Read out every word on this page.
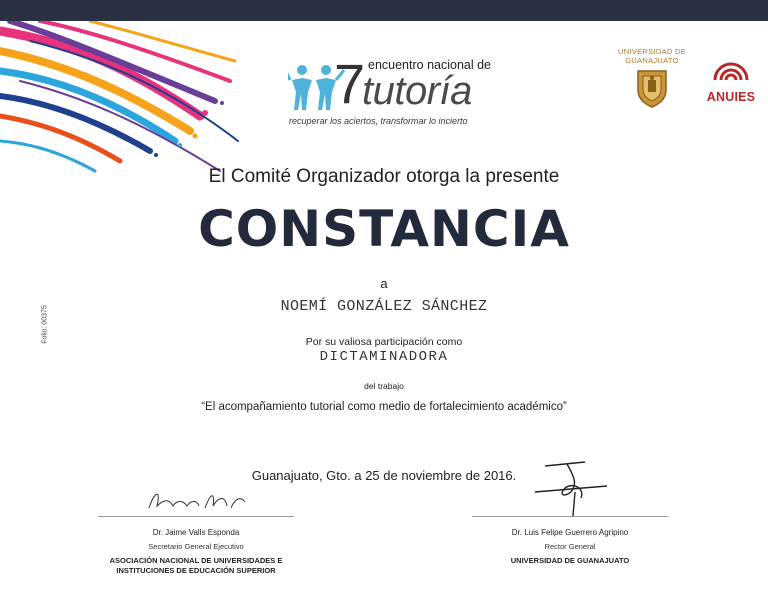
7 encuentro nacional de
tutoría
recuperar los aciertos, transformar lo incierto
UNIVERSIDAD DE
GUANAJUATO
ANUIES
Folio: 00375
El Comité Organizador otorga la presente
CONSTANCIA
a
NOEMÍ GONZÁLEZ SÁNCHEZ
Por su valiosa participación como
DICTAMINADORA
del trabajo
“El acompañamiento tutorial como medio de fortalecimiento académico”
Guanajuato, Gto. a 25 de noviembre de 2016.
Dr. Jaime Valls Esponda
Secretario General Ejecutivo
ASOCIACIÓN NACIONAL DE UNIVERSIDADES E
INSTITUCIONES DE EDUCACIÓN SUPERIOR
Dr. Luis Felipe Guerrero Agripino
Rector General
UNIVERSIDAD DE GUANAJUATO
